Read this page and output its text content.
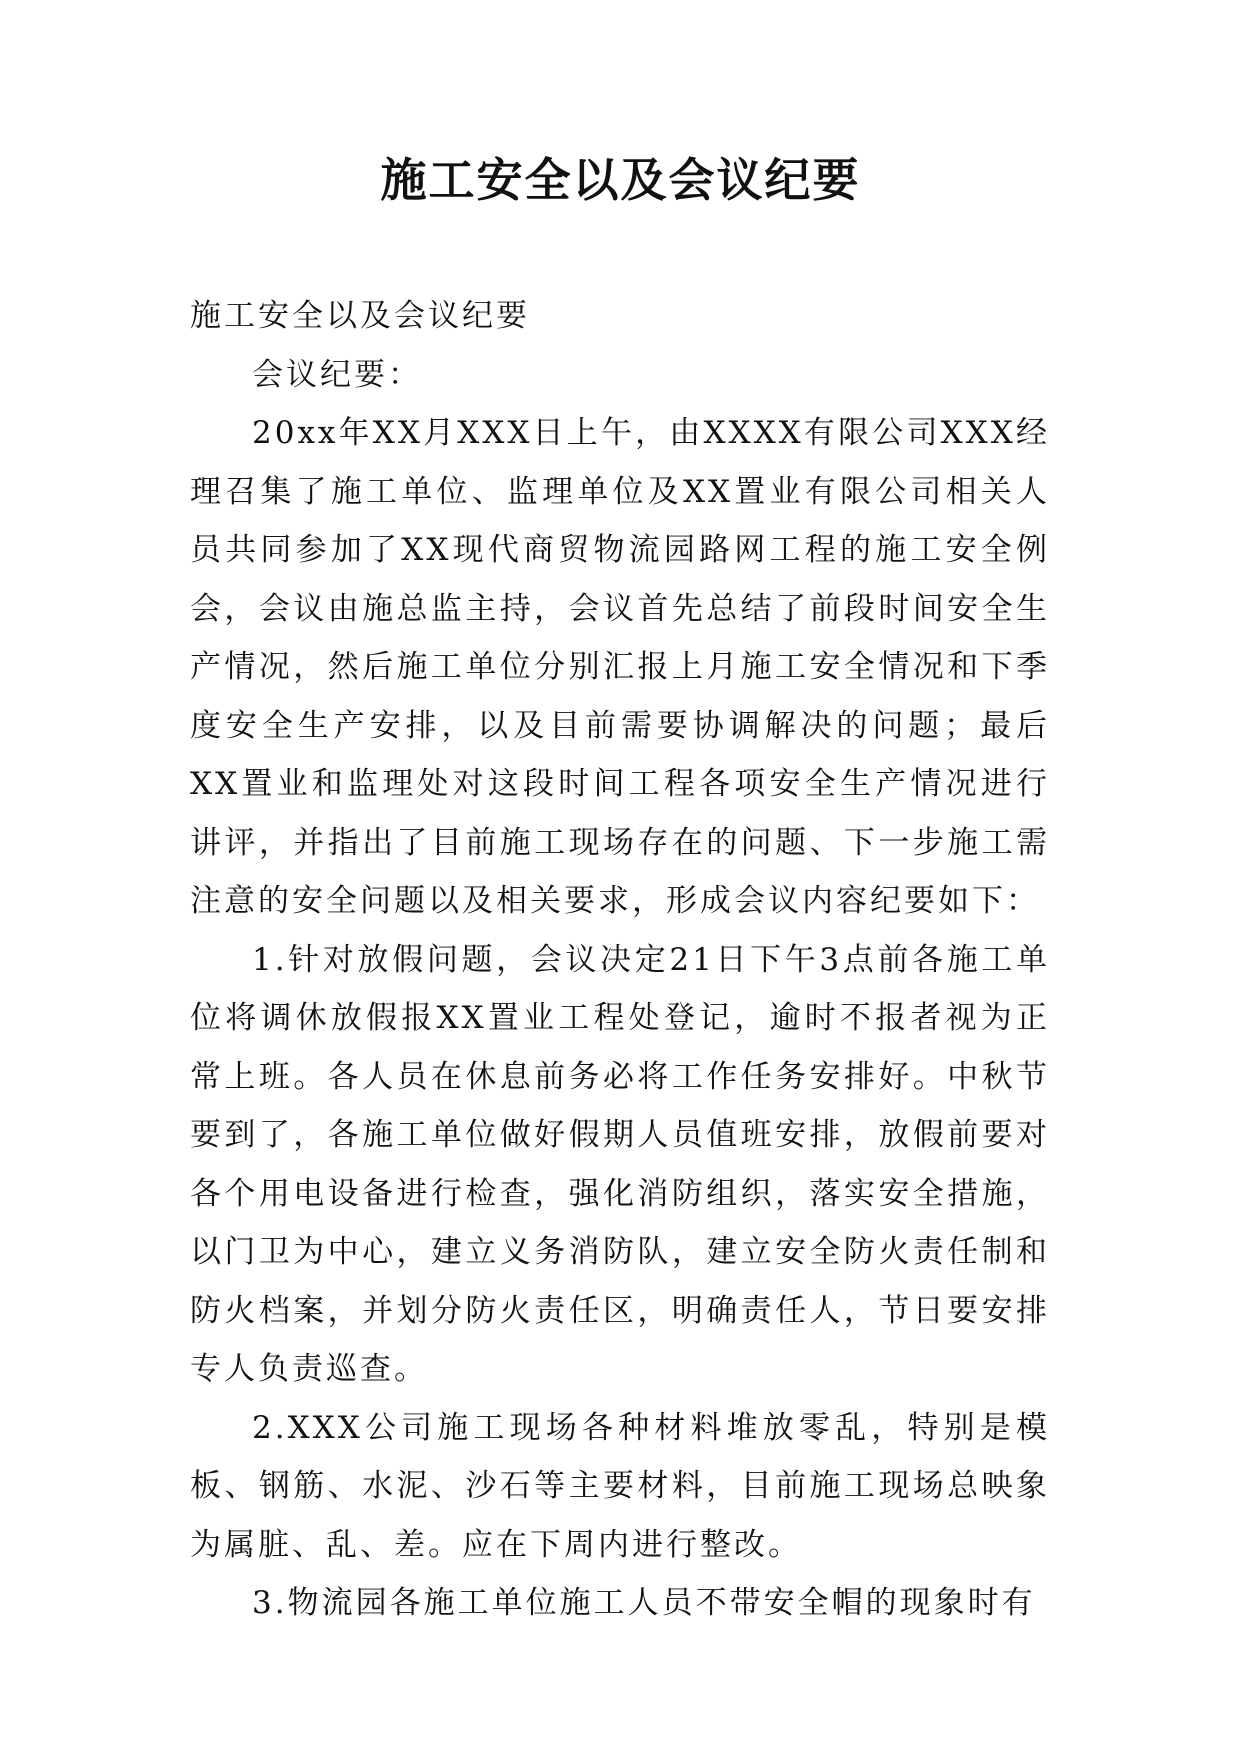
施工安全以及会议纪要

施工安全以及会议纪要

会议纪要：

20xx年XX月XXX日上午，由XXXX有限公司XXX经理召集了施工单位、监理单位及XX置业有限公司相关人员共同参加了XX现代商贸物流园路网工程的施工安全例会，会议由施总监主持，会议首先总结了前段时间安全生产情况，然后施工单位分别汇报上月施工安全情况和下季度安全生产安排，以及目前需要协调解决的问题；最后XX置业和监理处对这段时间工程各项安全生产情况进行讲评，并指出了目前施工现场存在的问题、下一步施工需注意的安全问题以及相关要求，形成会议内容纪要如下：

1.针对放假问题，会议决定21日下午3点前各施工单位将调休放假报XX置业工程处登记，逾时不报者视为正常上班。各人员在休息前务必将工作任务安排好。中秋节要到了，各施工单位做好假期人员值班安排，放假前要对各个用电设备进行检查，强化消防组织，落实安全措施，以门卫为中心，建立义务消防队，建立安全防火责任制和防火档案，并划分防火责任区，明确责任人，节日要安排专人负责巡查。

2.XXX公司施工现场各种材料堆放零乱，特别是模板、钢筋、水泥、沙石等主要材料，目前施工现场总映象为属脏、乱、差。应在下周内进行整改。

3.物流园各施工单位施工人员不带安全帽的现象时有
